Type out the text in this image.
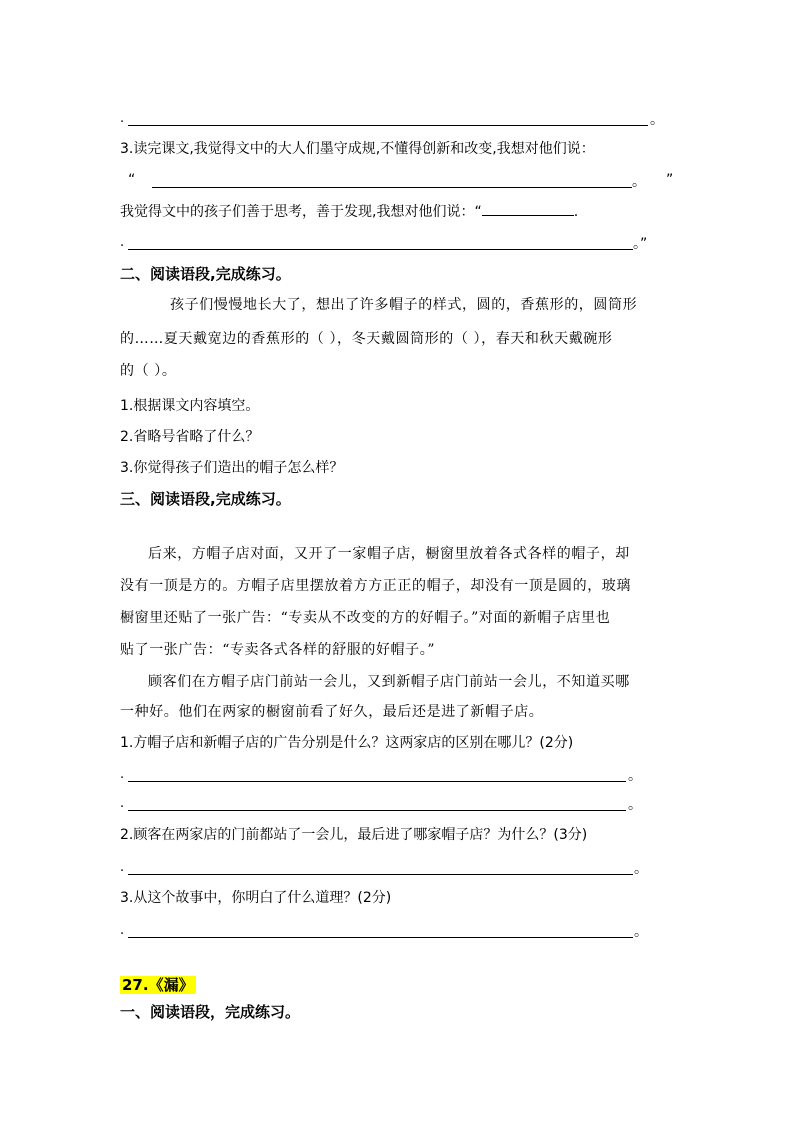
.	。
3.读完课文,我觉得文中的大人们墨守成规,不懂得创新和改变,我想对他们说：
“	。 ”
我觉得文中的孩子们善于思考，善于发现,我想对他们说：“	.
.	。”
二、阅读语段,完成练习。
孩子们慢慢地长大了，想出了许多帽子的样式，圆的，香蕉形的，圆筒形
的……夏天戴宽边的香蕉形的（ ），冬天戴圆筒形的（ ），春天和秋天戴碗形
的（ ）。
1.根据课文内容填空。
2.省略号省略了什么？
3.你觉得孩子们造出的帽子怎么样？
三、阅读语段,完成练习。
后来，方帽子店对面，又开了一家帽子店，橱窗里放着各式各样的帽子，却
没有一顶是方的。方帽子店里摆放着方方正正的帽子，却没有一顶是圆的，玻璃
橱窗里还贴了一张广告：“专卖从不改变的方的好帽子。”对面的新帽子店里也
贴了一张广告：“专卖各式各样的舒服的好帽子。”
顾客们在方帽子店门前站一会儿，又到新帽子店门前站一会儿，不知道买哪
一种好。他们在两家的橱窗前看了好久，最后还是进了新帽子店。
1.方帽子店和新帽子店的广告分别是什么？这两家店的区别在哪儿？(2分)
.	。
.	。
2.顾客在两家店的门前都站了一会儿，最后进了哪家帽子店？为什么？(3分)
.	。
3.从这个故事中，你明白了什么道理？(2分)
.	。
27.《漏》
一、阅读语段，完成练习。
